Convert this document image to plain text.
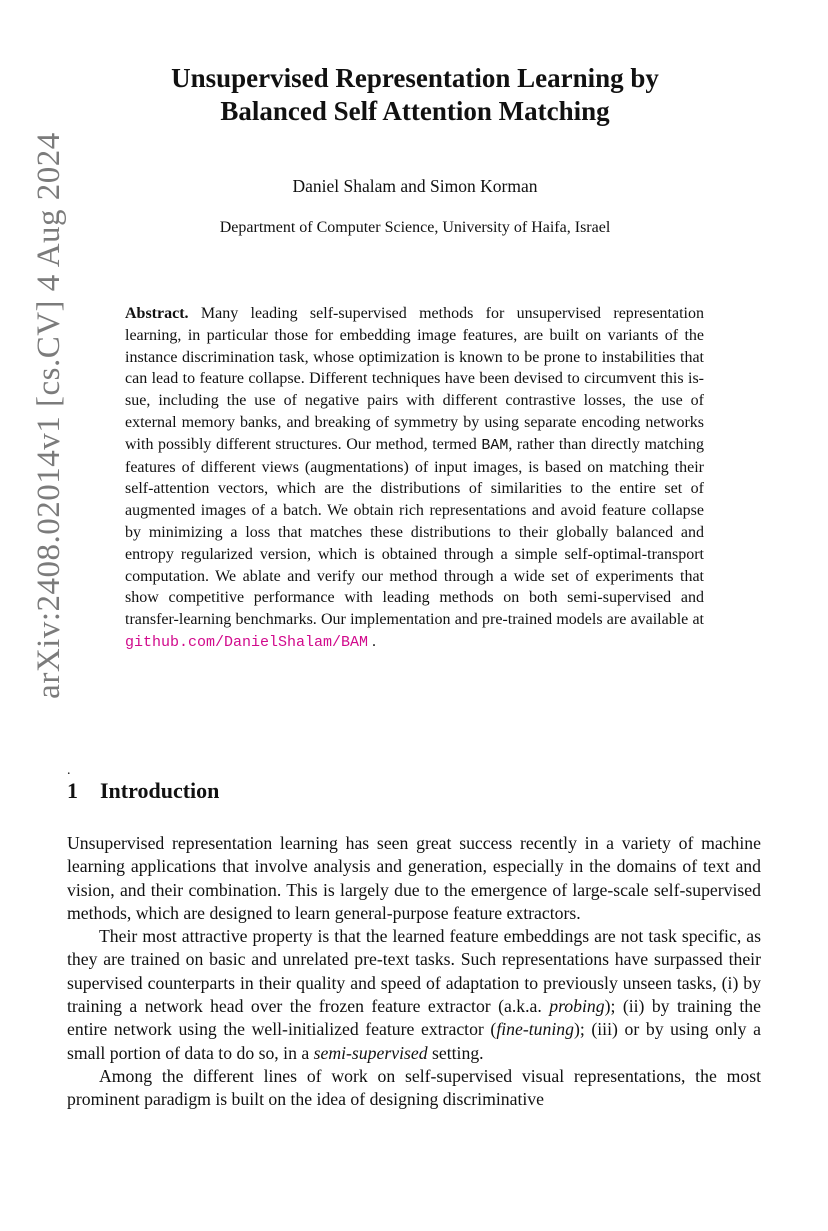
arXiv:2408.02014v1 [cs.CV] 4 Aug 2024
Unsupervised Representation Learning by
Balanced Self Attention Matching
Daniel Shalam and Simon Korman
Department of Computer Science, University of Haifa, Israel
Abstract. Many leading self-supervised methods for unsupervised representation learning, in particular those for embedding image features, are built on variants of the instance discrimination task, whose optimization is known to be prone to instabilities that can lead to feature collapse. Different techniques have been devised to circumvent this issue, including the use of negative pairs with different contrastive losses, the use of external memory banks, and breaking of symmetry by using separate encoding networks with possibly different structures. Our method, termed BAM, rather than directly matching features of different views (augmentations) of input images, is based on matching their self-attention vectors, which are the distributions of similarities to the entire set of augmented images of a batch. We obtain rich representations and avoid feature collapse by minimizing a loss that matches these distributions to their globally balanced and entropy regularized version, which is obtained through a simple self-optimal-transport computation. We ablate and verify our method through a wide set of experiments that show competitive performance with leading methods on both semi-supervised and transfer-learning benchmarks. Our implementation and pre-trained models are available at github.com/DanielShalam/BAM .
.
1 Introduction

Unsupervised representation learning has seen great success recently in a variety of machine learning applications that involve analysis and generation, especially in the domains of text and vision, and their combination. This is largely due to the emergence of large-scale self-supervised methods, which are designed to learn general-purpose feature extractors.

Their most attractive property is that the learned feature embeddings are not task specific, as they are trained on basic and unrelated pre-text tasks. Such representations have surpassed their supervised counterparts in their quality and speed of adaptation to previously unseen tasks, (i) by training a network head over the frozen feature extractor (a.k.a. probing); (ii) by training the entire network using the well-initialized feature extractor (fine-tuning); (iii) or by using only a small portion of data to do so, in a semi-supervised setting.

Among the different lines of work on self-supervised visual representations, the most prominent paradigm is built on the idea of designing discriminative
